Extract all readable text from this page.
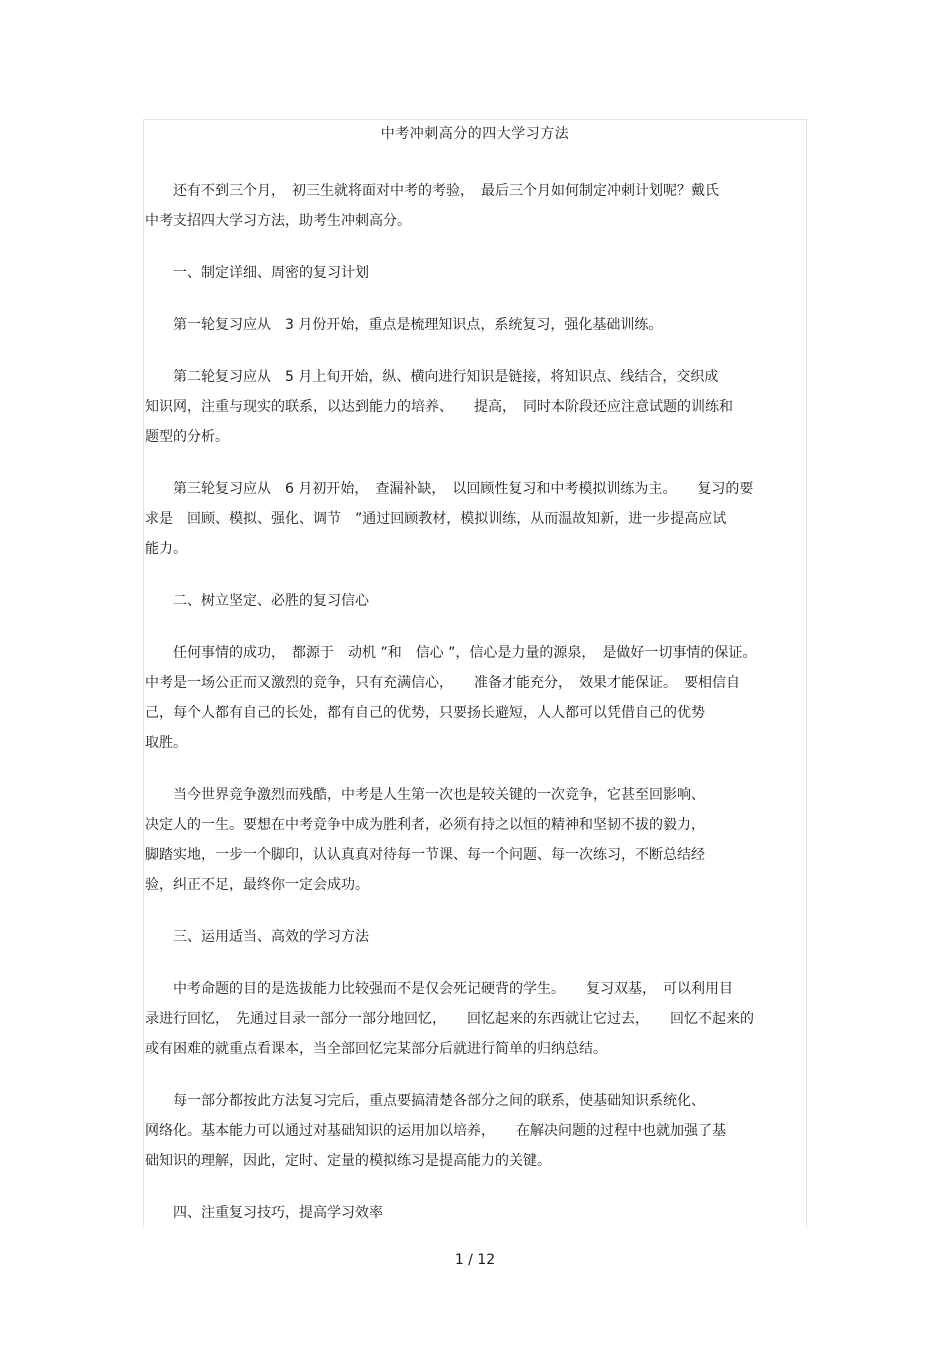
中考冲刺高分的四大学习方法
　　还有不到三个月，　初三生就将面对中考的考验，　最后三个月如何制定冲刺计划呢？戴氏
中考支招四大学习方法，助考生冲刺高分。
　　一、制定详细、周密的复习计划
　　第一轮复习应从　3 月份开始，重点是梳理知识点，系统复习，强化基础训练。
　　第二轮复习应从　5 月上旬开始，纵、横向进行知识是链接，将知识点、线结合，交织成
知识网，注重与现实的联系，以达到能力的培养、　　提高，　同时本阶段还应注意试题的训练和
题型的分析。
　　第三轮复习应从　6 月初开始，　查漏补缺，　以回顾性复习和中考模拟训练为主。　　复习的要
求是　回顾、模拟、强化、调节　”通过回顾教材，模拟训练，从而温故知新，进一步提高应试
能力。
　　二、树立坚定、必胜的复习信心
　　任何事情的成功，　都源于　动机 ”和　信心 ”，信心是力量的源泉，　是做好一切事情的保证。
中考是一场公正而又激烈的竞争，只有充满信心，　　准备才能充分，　效果才能保证。　要相信自
己，每个人都有自己的长处，都有自己的优势，只要扬长避短，人人都可以凭借自己的优势
取胜。
　　当今世界竞争激烈而残酷，中考是人生第一次也是较关键的一次竞争，它甚至回影响、
决定人的一生。要想在中考竞争中成为胜利者，必须有持之以恒的精神和坚韧不拔的毅力，
脚踏实地，一步一个脚印，认认真真对待每一节课、每一个问题、每一次练习，不断总结经
验，纠正不足，最终你一定会成功。
　　三、运用适当、高效的学习方法
　　中考命题的目的是选拔能力比较强而不是仅会死记硬背的学生。　　复习双基，　可以利用目
录进行回忆，　先通过目录一部分一部分地回忆，　　回忆起来的东西就让它过去，　　回忆不起来的
或有困难的就重点看课本，当全部回忆完某部分后就进行简单的归纳总结。
　　每一部分都按此方法复习完后，重点要搞清楚各部分之间的联系，使基础知识系统化、
网络化。基本能力可以通过对基础知识的运用加以培养，　　在解决问题的过程中也就加强了基
础知识的理解，因此，定时、定量的模拟练习是提高能力的关键。
　　四、注重复习技巧，提高学习效率
1 / 12
